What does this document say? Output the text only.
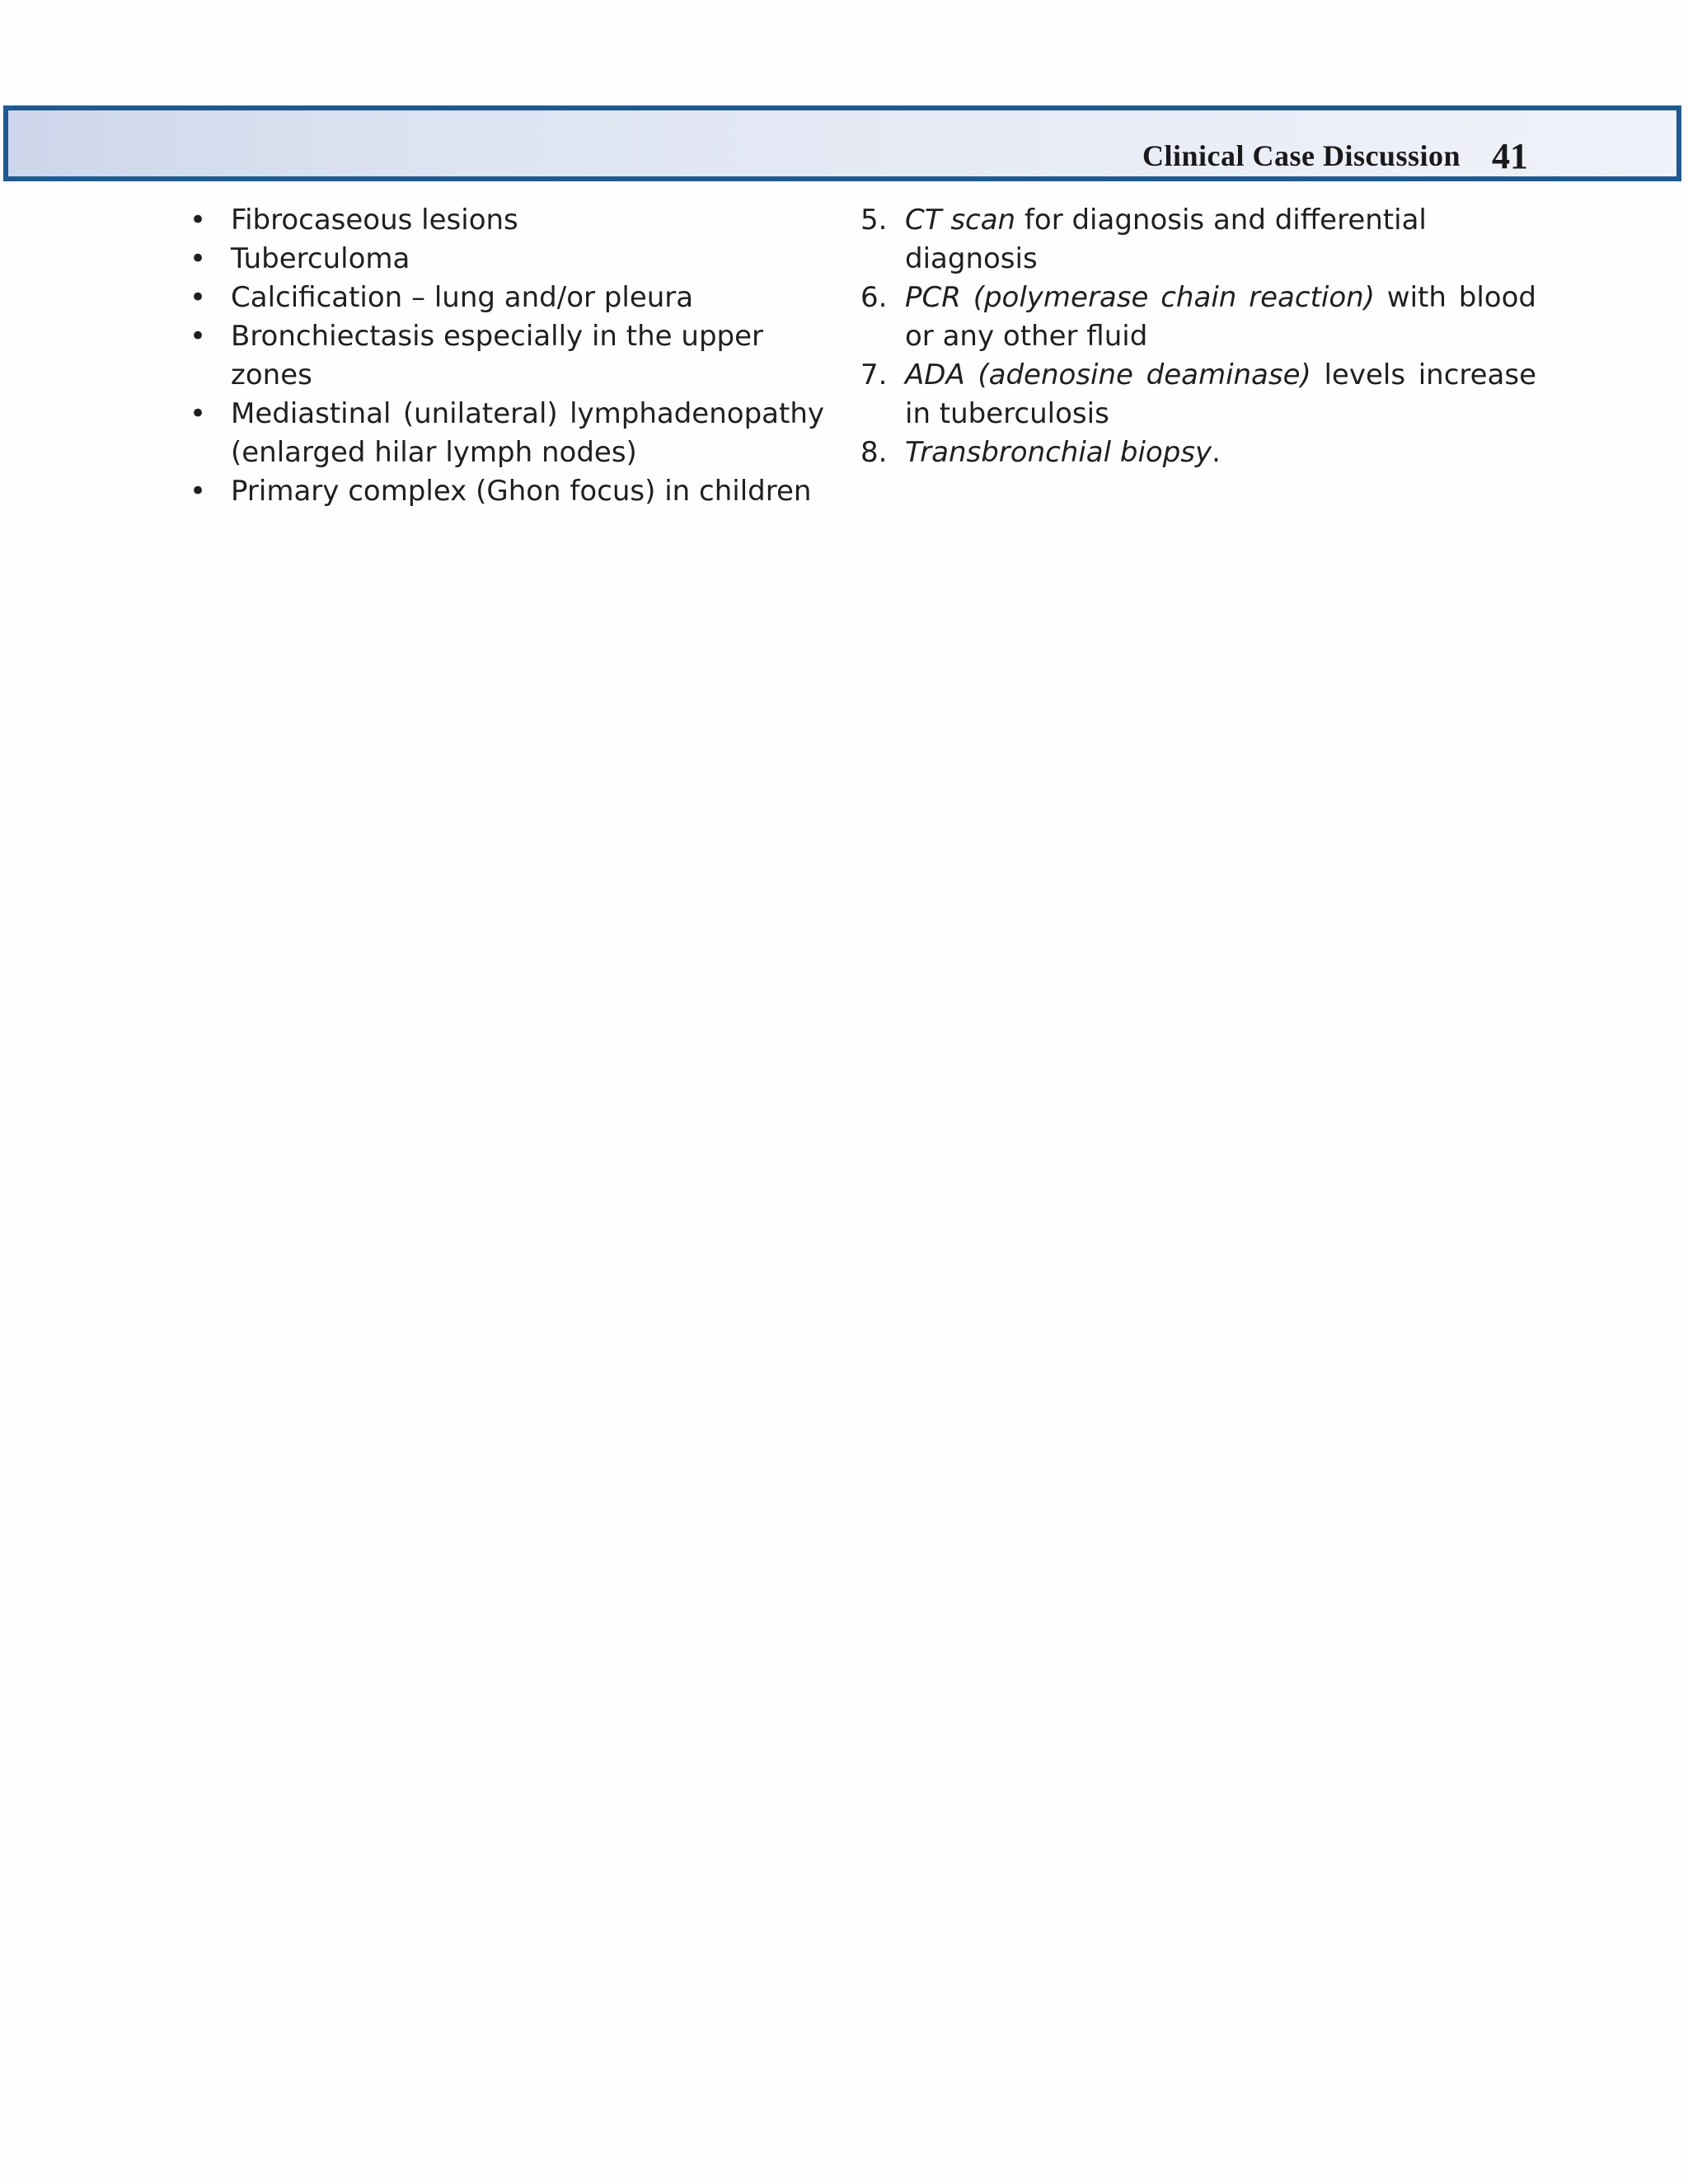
Clinical Case Discussion 41

• Fibrocaseous lesions

• Tuberculoma

• Calcification – lung and/or pleura

• Bronchiectasis especially in the upper zones

• Mediastinal (unilateral) lymphadenopathy (enlarged hilar lymph nodes)

• Primary complex (Ghon focus) in children

5. CT scan for diagnosis and differential diagnosis

6. PCR (polymerase chain reaction) with blood or any other fluid

7. ADA (adenosine deaminase) levels increase in tuberculosis

8. Transbronchial biopsy.
